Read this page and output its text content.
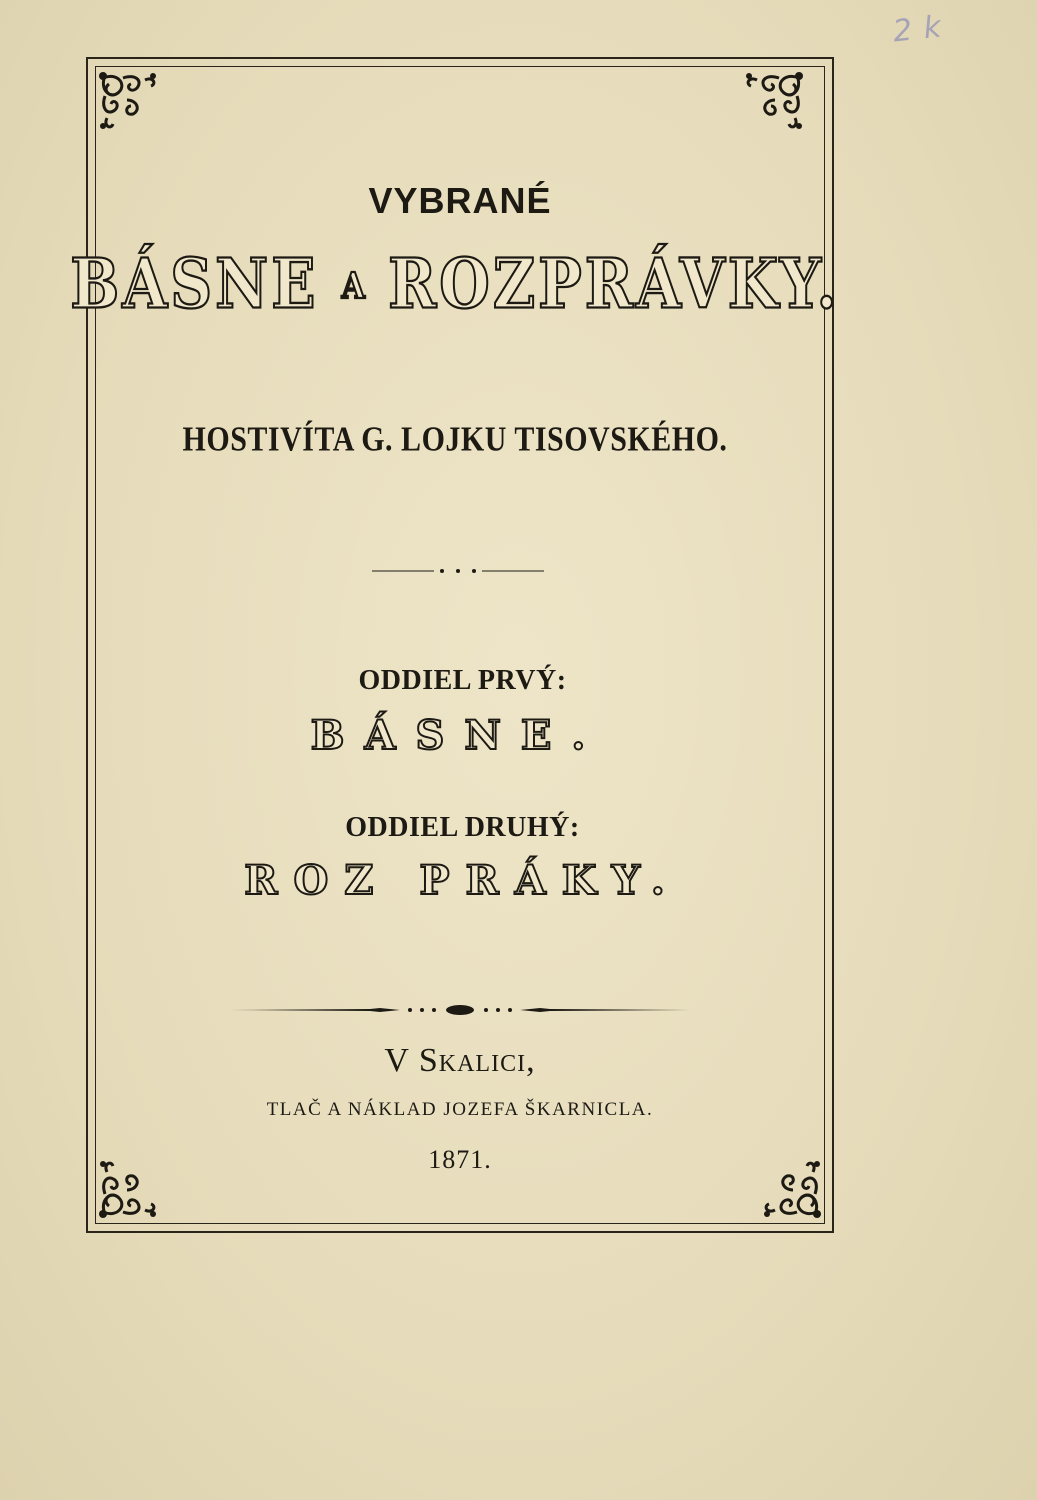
2 k
VYBRANÉ
BÁSNE A ROZPRÁVKY.
HOSTIVÍTA G. LOJKU TISOVSKÉHO.
ODDIEL PRVÝ:
BÁSNE.
ODDIEL DRUHÝ:
ROZ PRÁKY.
V Skalici,
TLAČ A NÁKLAD JOZEFA ŠKARNICLA.
1871.
